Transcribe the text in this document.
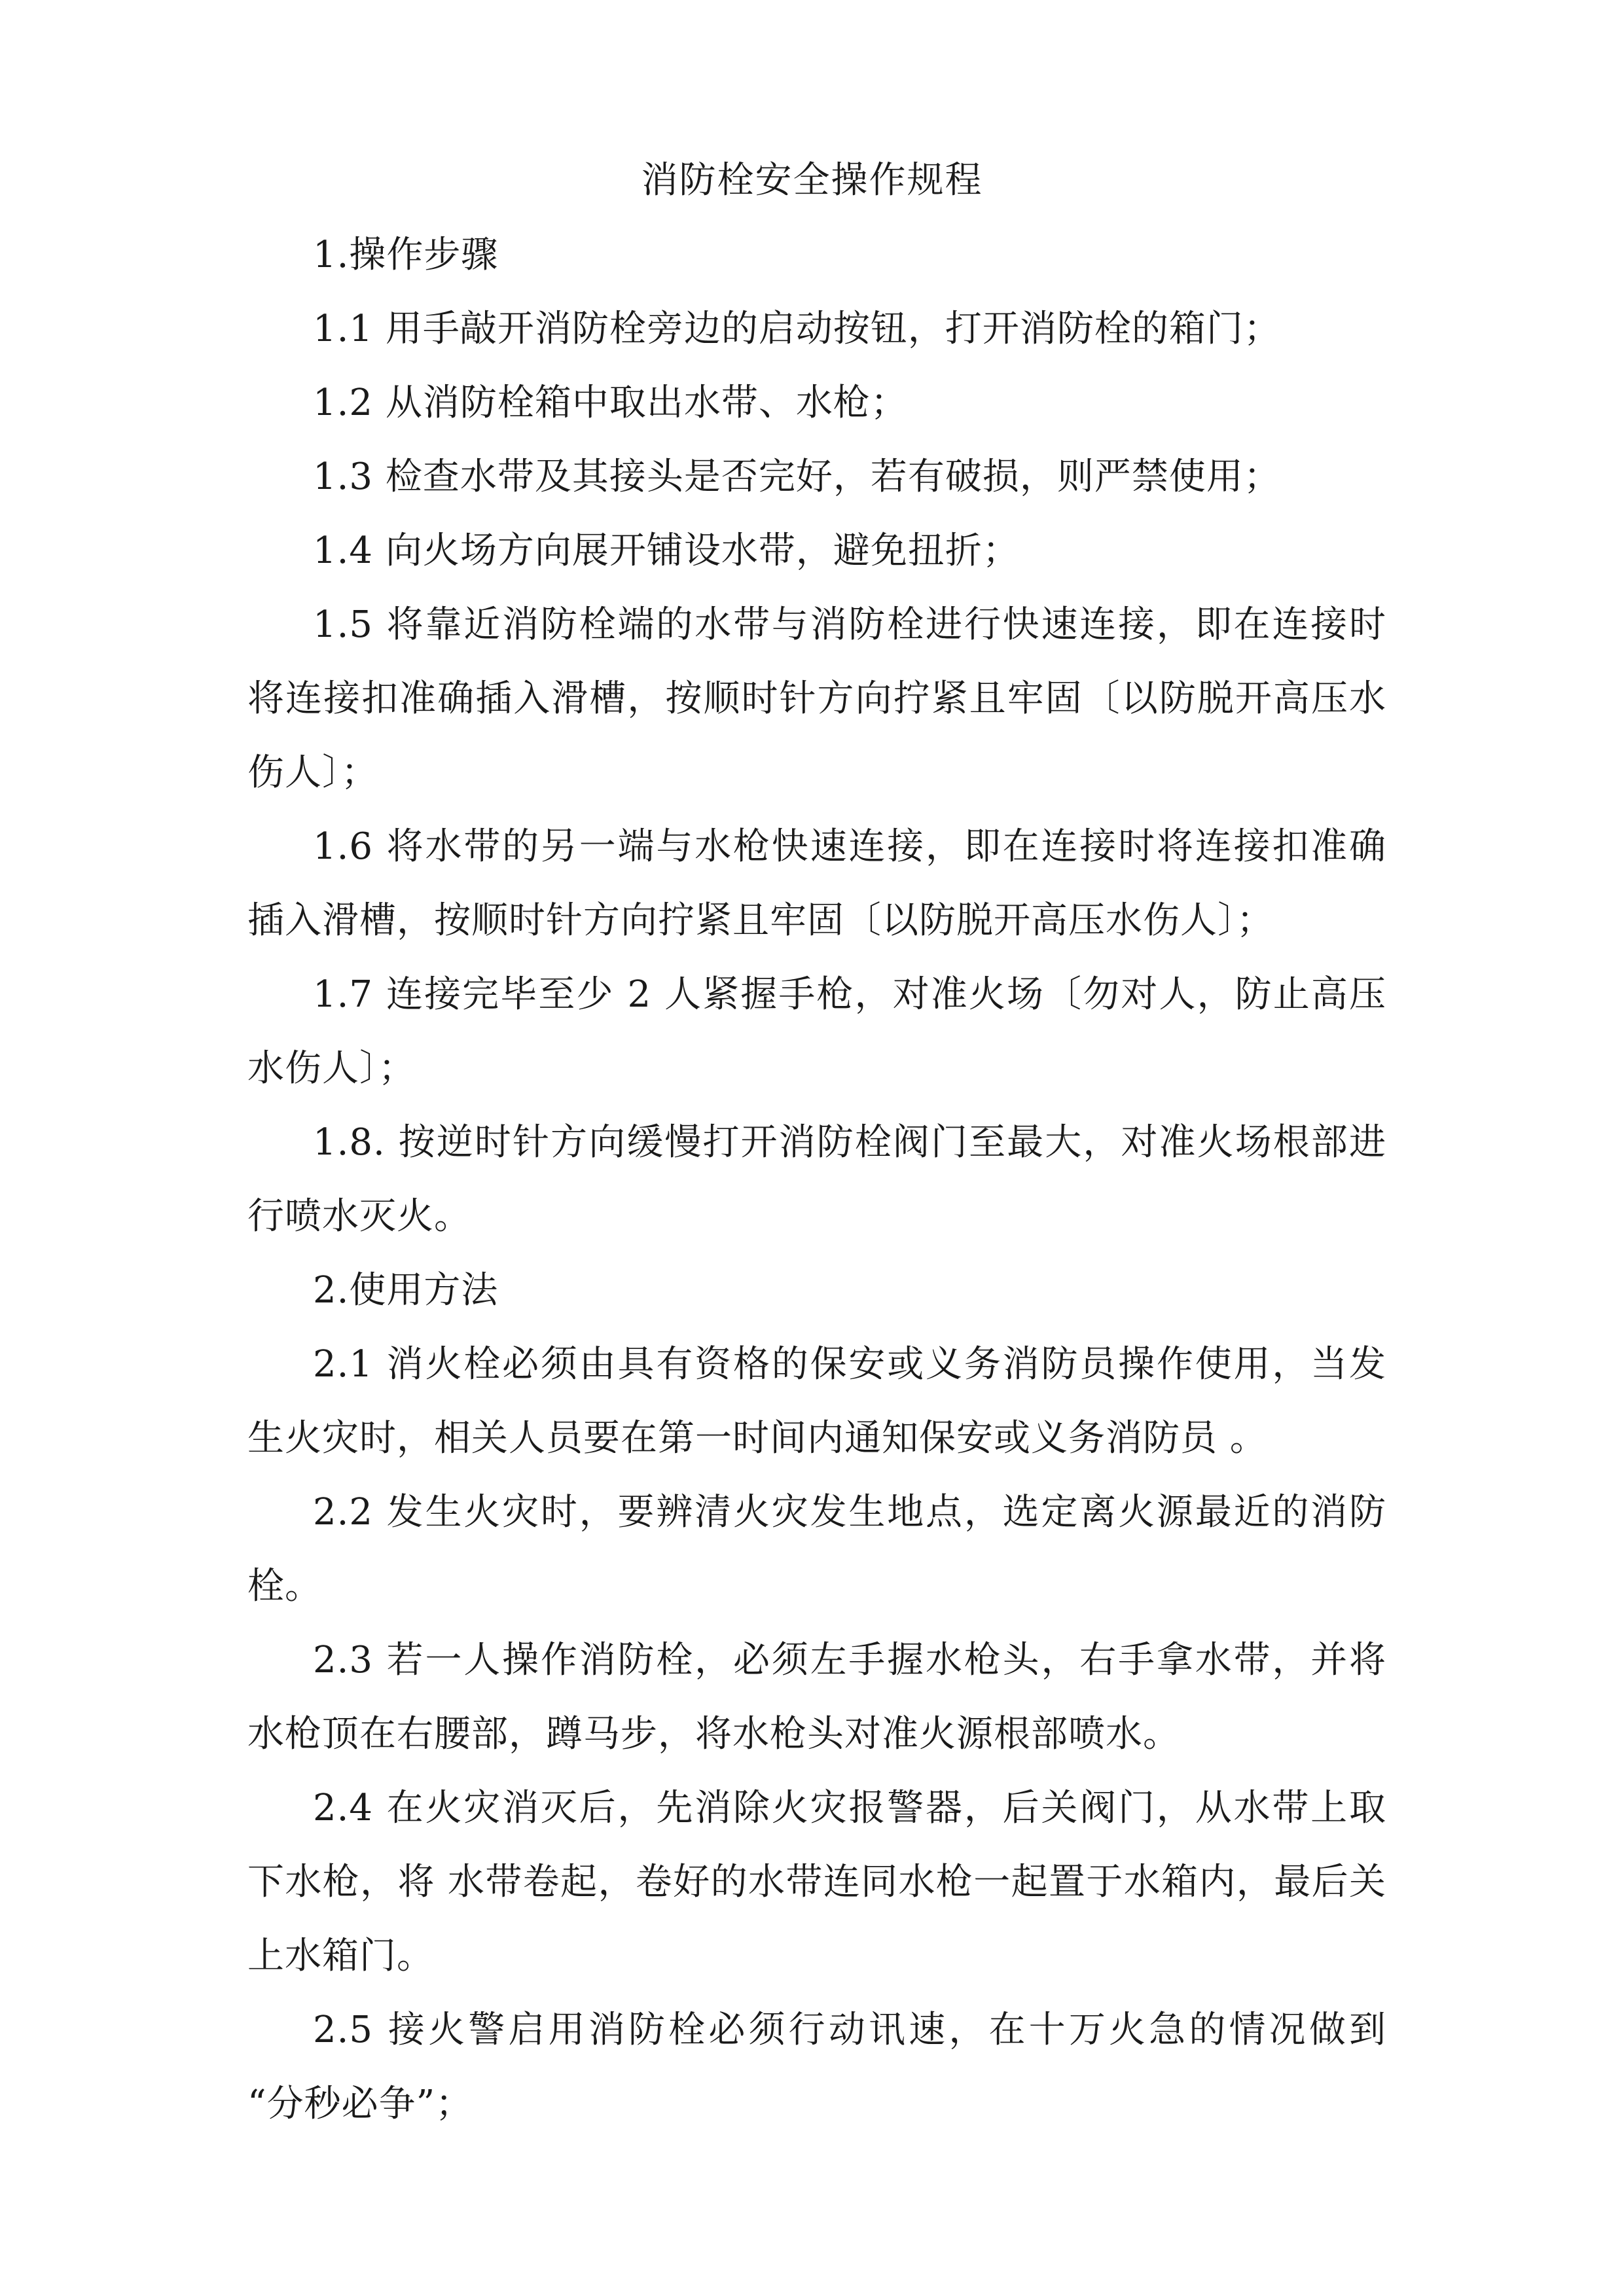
消防栓安全操作规程

1.操作步骤

1.1 用手敲开消防栓旁边的启动按钮，打开消防栓的箱门；

1.2 从消防栓箱中取出水带、水枪；

1.3 检查水带及其接头是否完好，若有破损，则严禁使用；

1.4 向火场方向展开铺设水带，避免扭折；

1.5 将靠近消防栓端的水带与消防栓进行快速连接，即在连接时将连接扣准确插入滑槽，按顺时针方向拧紧且牢固〔以防脱开高压水伤人〕；

1.6 将水带的另一端与水枪快速连接，即在连接时将连接扣准确插入滑槽，按顺时针方向拧紧且牢固〔以防脱开高压水伤人〕；

1.7 连接完毕至少 2 人紧握手枪，对准火场〔勿对人，防止高压水伤人〕；

1.8. 按逆时针方向缓慢打开消防栓阀门至最大，对准火场根部进行喷水灭火。

2.使用方法

2.1 消火栓必须由具有资格的保安或义务消防员操作使用，当发生火灾时，相关人员要在第一时间内通知保安或义务消防员 。

2.2 发生火灾时，要辨清火灾发生地点，选定离火源最近的消防栓。

2.3 若一人操作消防栓，必须左手握水枪头，右手拿水带，并将水枪顶在右腰部，蹲马步，将水枪头对准火源根部喷水。

2.4 在火灾消灭后，先消除火灾报警器，后关阀门，从水带上取下水枪，将 水带卷起，卷好的水带连同水枪一起置于水箱内，最后关上水箱门。

2.5 接火警启用消防栓必须行动讯速，在十万火急的情况做到 “分秒必争”；
